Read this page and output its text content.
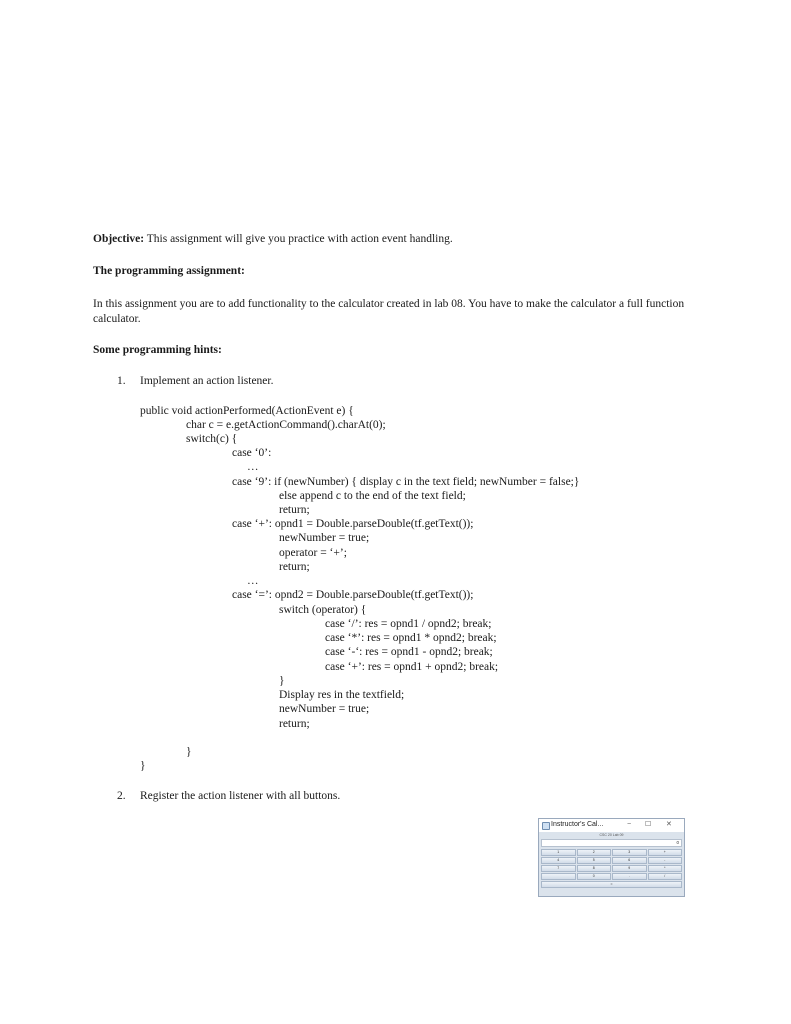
Objective: This assignment will give you practice with action event handling.
The programming assignment:
In this assignment you are to add functionality to the calculator created in lab 08. You have to make the calculator a full function calculator.
Some programming hints:
1. Implement an action listener.
public void actionPerformed(ActionEvent e) {
char c = e.getActionCommand().charAt(0);
switch(c) {
case ‘0’:
…
case ‘9’: if (newNumber) { display c in the text field; newNumber = false;}
else append c to the end of the text field;
return;
case ‘+’: opnd1 = Double.parseDouble(tf.getText());
newNumber = true;
operator = ‘+’;
return;
…
case ‘=’: opnd2 = Double.parseDouble(tf.getText());
switch (operator) {
case ‘/’: res = opnd1 / opnd2; break;
case ‘*’: res = opnd1 * opnd2; break;
case ‘-‘: res = opnd1 - opnd2; break;
case ‘+’: res = opnd1 + opnd2; break;
}
Display res in the textfield;
newNumber = true;
return;
}
}
2. Register the action listener with all buttons.
Instructor's Cal...	− ☐ ✕
CSC 20 Lab 09
0
1	2	3	+
4	5	6	-
7	8	9	*
0	.	/
=
